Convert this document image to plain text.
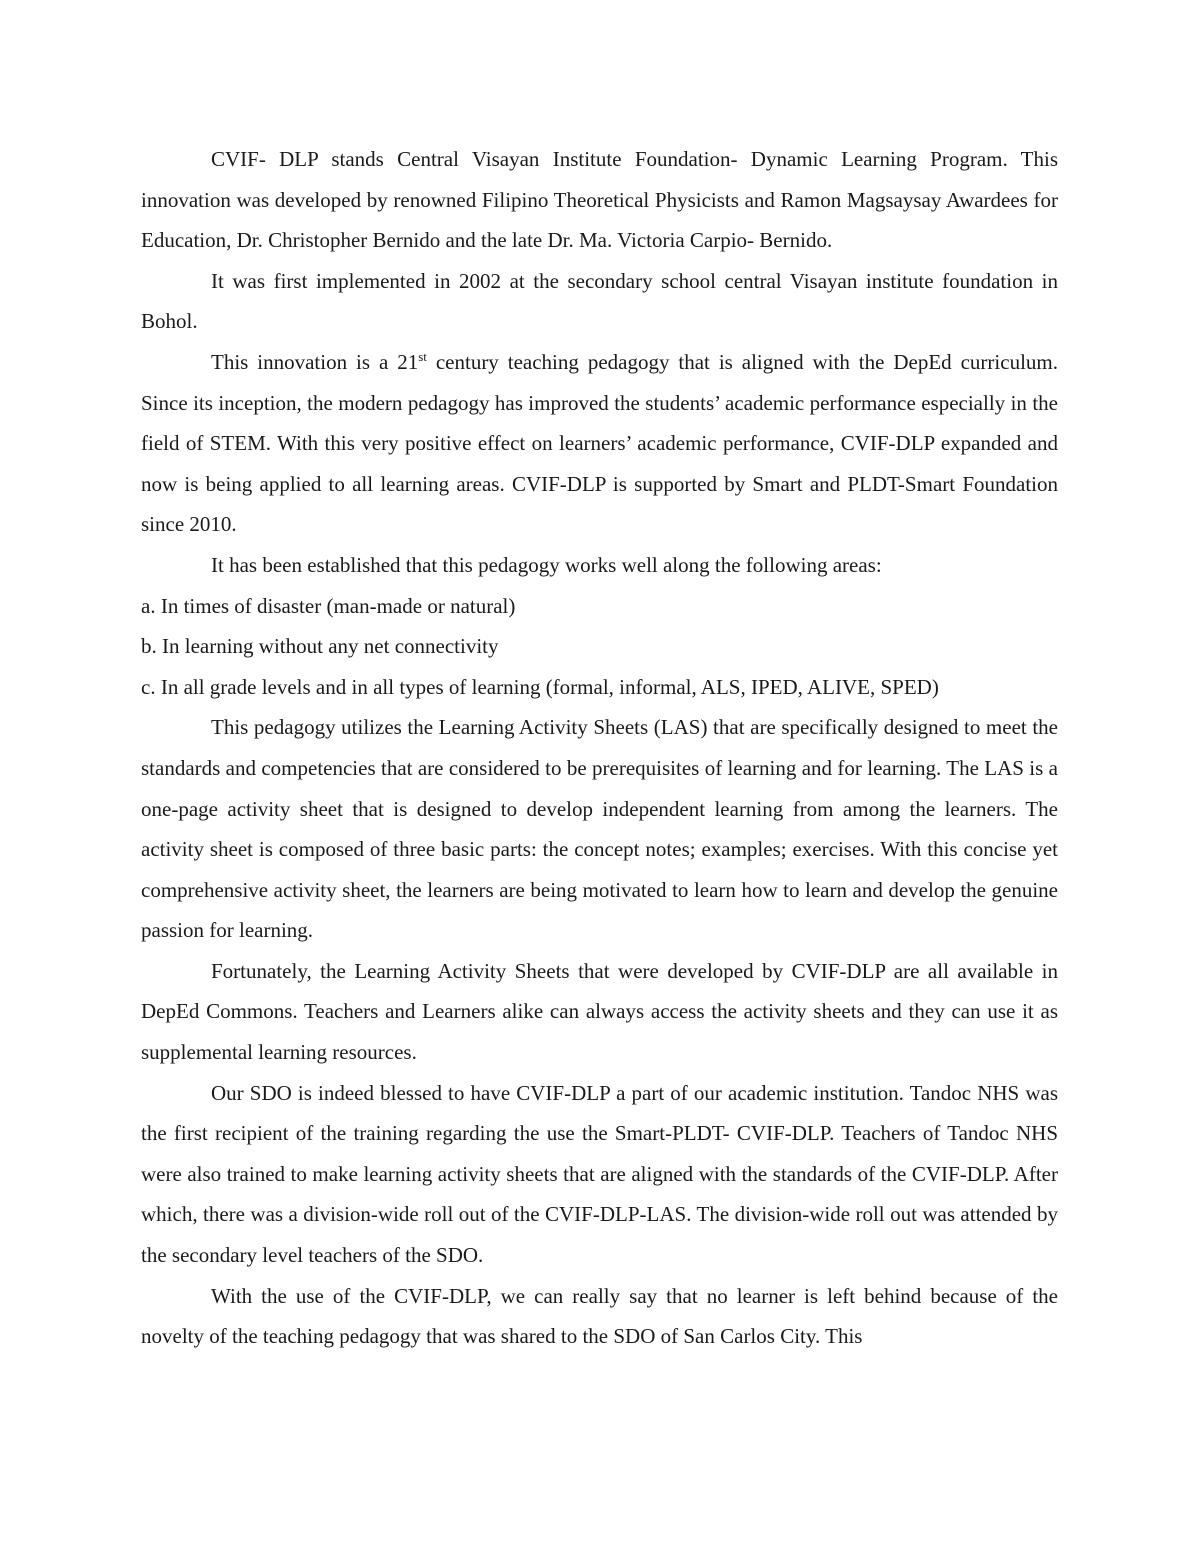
CVIF- DLP stands Central Visayan Institute Foundation- Dynamic Learning Program. This innovation was developed by renowned Filipino Theoretical Physicists and Ramon Magsaysay Awardees for Education, Dr. Christopher Bernido and the late Dr. Ma. Victoria Carpio- Bernido.

It was first implemented in 2002 at the secondary school central Visayan institute foundation in Bohol.

This innovation is a 21st century teaching pedagogy that is aligned with the DepEd curriculum. Since its inception, the modern pedagogy has improved the students’ academic performance especially in the field of STEM. With this very positive effect on learners’ academic performance, CVIF-DLP expanded and now is being applied to all learning areas. CVIF-DLP is supported by Smart and PLDT-Smart Foundation since 2010.

It has been established that this pedagogy works well along the following areas:

a. In times of disaster (man-made or natural)

b. In learning without any net connectivity

c. In all grade levels and in all types of learning (formal, informal, ALS, IPED, ALIVE, SPED)

This pedagogy utilizes the Learning Activity Sheets (LAS) that are specifically designed to meet the standards and competencies that are considered to be prerequisites of learning and for learning. The LAS is a one-page activity sheet that is designed to develop independent learning from among the learners. The activity sheet is composed of three basic parts: the concept notes; examples; exercises. With this concise yet comprehensive activity sheet, the learners are being motivated to learn how to learn and develop the genuine passion for learning.

Fortunately, the Learning Activity Sheets that were developed by CVIF-DLP are all available in DepEd Commons. Teachers and Learners alike can always access the activity sheets and they can use it as supplemental learning resources.

Our SDO is indeed blessed to have CVIF-DLP a part of our academic institution. Tandoc NHS was the first recipient of the training regarding the use the Smart-PLDT- CVIF-DLP. Teachers of Tandoc NHS were also trained to make learning activity sheets that are aligned with the standards of the CVIF-DLP. After which, there was a division-wide roll out of the CVIF-DLP-LAS. The division-wide roll out was attended by the secondary level teachers of the SDO.

With the use of the CVIF-DLP, we can really say that no learner is left behind because of the novelty of the teaching pedagogy that was shared to the SDO of San Carlos City. This
